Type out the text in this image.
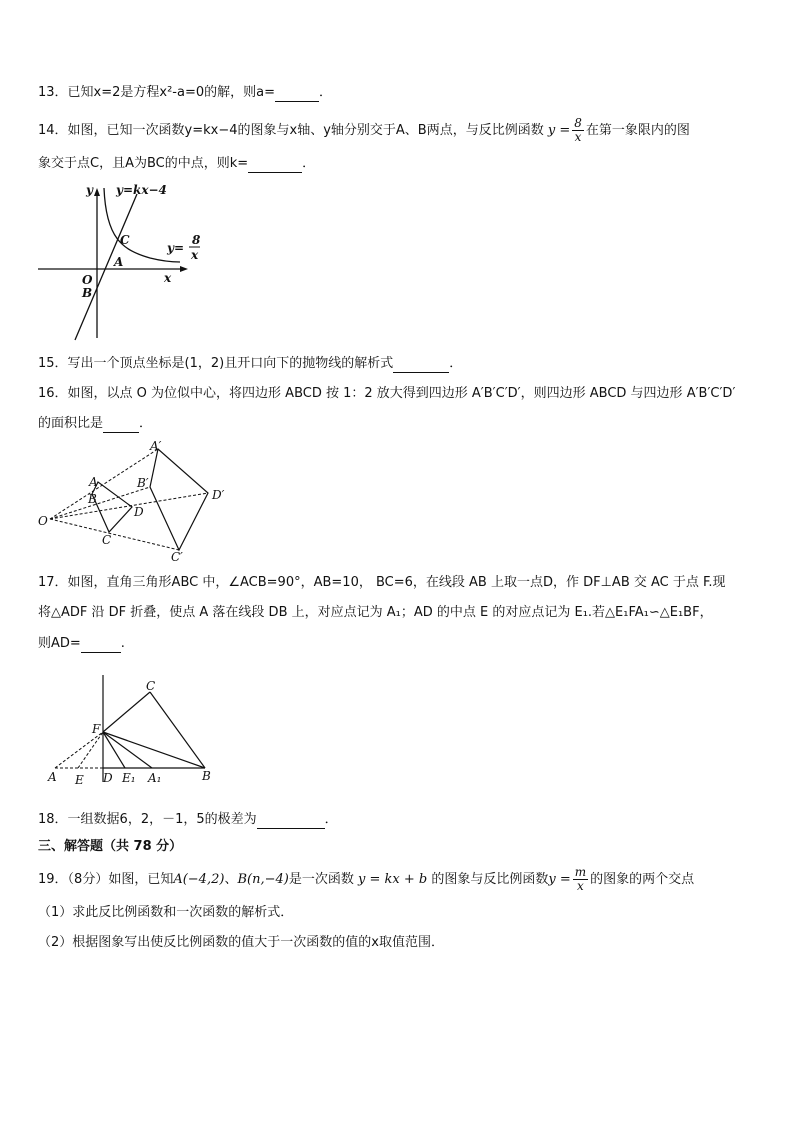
13．已知x=2是方程x²-a=0的解，则a=	．
14．如图，已知一次函数y=kx−4的图象与x轴、y轴分别交于A、B两点，与反比例函数 $y = \frac{8}{x}$ 在第一象限内的图
象交于点C，且A为BC的中点，则k=	．
y y=kx−4
C
A
O
B
x
y=
8
x
15．写出一个顶点坐标是(1，2)且开口向下的抛物线的解析式	．
16．如图，以点 O 为位似中心，将四边形 ABCD 按 1：2 放大得到四边形 A′B′C′D′，则四边形 ABCD 与四边形 A′B′C′D′
的面积比是	．
O
A
B
C
D
A′
B′
C′
D′
17．如图，直角三角形ABC 中，∠ACB=90°，AB=10， BC=6，在线段 AB 上取一点D，作 DF⊥AB 交 AC 于点 F.现
将△ADF 沿 DF 折叠，使点 A 落在线段 DB 上，对应点记为 A₁；AD 的中点 E 的对应点记为 E₁.若△E₁FA₁∽△E₁BF，
则AD=	.
C
F
A E D E₁ A₁	B
18．一组数据6，2，－1，5的极差为	．
三、解答题（共 78 分）
19．（8分）如图，已知A(−4,2)、B(n,−4)是一次函数 y = kx + b 的图象与反比例函数$y = \frac{m}{x}$ 的图象的两个交点
（1）求此反比例函数和一次函数的解析式．
（2）根据图象写出使反比例函数的值大于一次函数的值的x取值范围．
